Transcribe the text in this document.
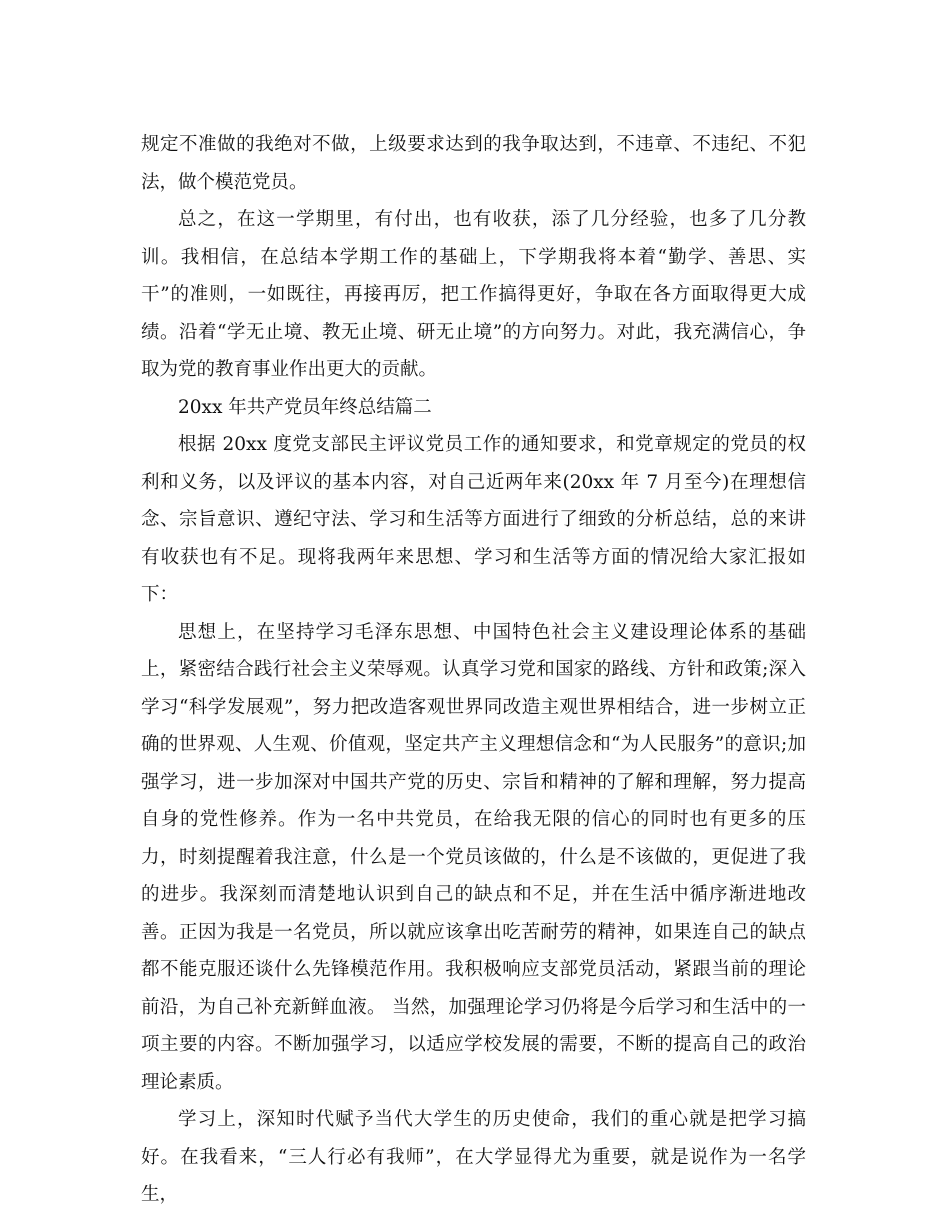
规定不准做的我绝对不做，上级要求达到的我争取达到，不违章、不违纪、不犯法，做个模范党员。

总之，在这一学期里，有付出，也有收获，添了几分经验，也多了几分教训。我相信，在总结本学期工作的基础上，下学期我将本着“勤学、善思、实干”的准则，一如既往，再接再厉，把工作搞得更好，争取在各方面取得更大成绩。沿着“学无止境、教无止境、研无止境”的方向努力。对此，我充满信心，争取为党的教育事业作出更大的贡献。

20xx 年共产党员年终总结篇二

根据 20xx 度党支部民主评议党员工作的通知要求，和党章规定的党员的权利和义务，以及评议的基本内容，对自己近两年来(20xx 年 7 月至今)在理想信念、宗旨意识、遵纪守法、学习和生活等方面进行了细致的分析总结，总的来讲有收获也有不足。现将我两年来思想、学习和生活等方面的情况给大家汇报如下：

思想上，在坚持学习毛泽东思想、中国特色社会主义建设理论体系的基础上，紧密结合践行社会主义荣辱观。认真学习党和国家的路线、方针和政策;深入学习“科学发展观”，努力把改造客观世界同改造主观世界相结合，进一步树立正确的世界观、人生观、价值观，坚定共产主义理想信念和“为人民服务”的意识;加强学习，进一步加深对中国共产党的历史、宗旨和精神的了解和理解，努力提高自身的党性修养。作为一名中共党员，在给我无限的信心的同时也有更多的压力，时刻提醒着我注意，什么是一个党员该做的，什么是不该做的，更促进了我的进步。我深刻而清楚地认识到自己的缺点和不足，并在生活中循序渐进地改善。正因为我是一名党员，所以就应该拿出吃苦耐劳的精神，如果连自己的缺点都不能克服还谈什么先锋模范作用。我积极响应支部党员活动，紧跟当前的理论前沿，为自己补充新鲜血液。 当然，加强理论学习仍将是今后学习和生活中的一项主要的内容。不断加强学习，以适应学校发展的需要，不断的提高自己的政治理论素质。

学习上，深知时代赋予当代大学生的历史使命，我们的重心就是把学习搞好。在我看来，“三人行必有我师”，在大学显得尤为重要，就是说作为一名学生，
